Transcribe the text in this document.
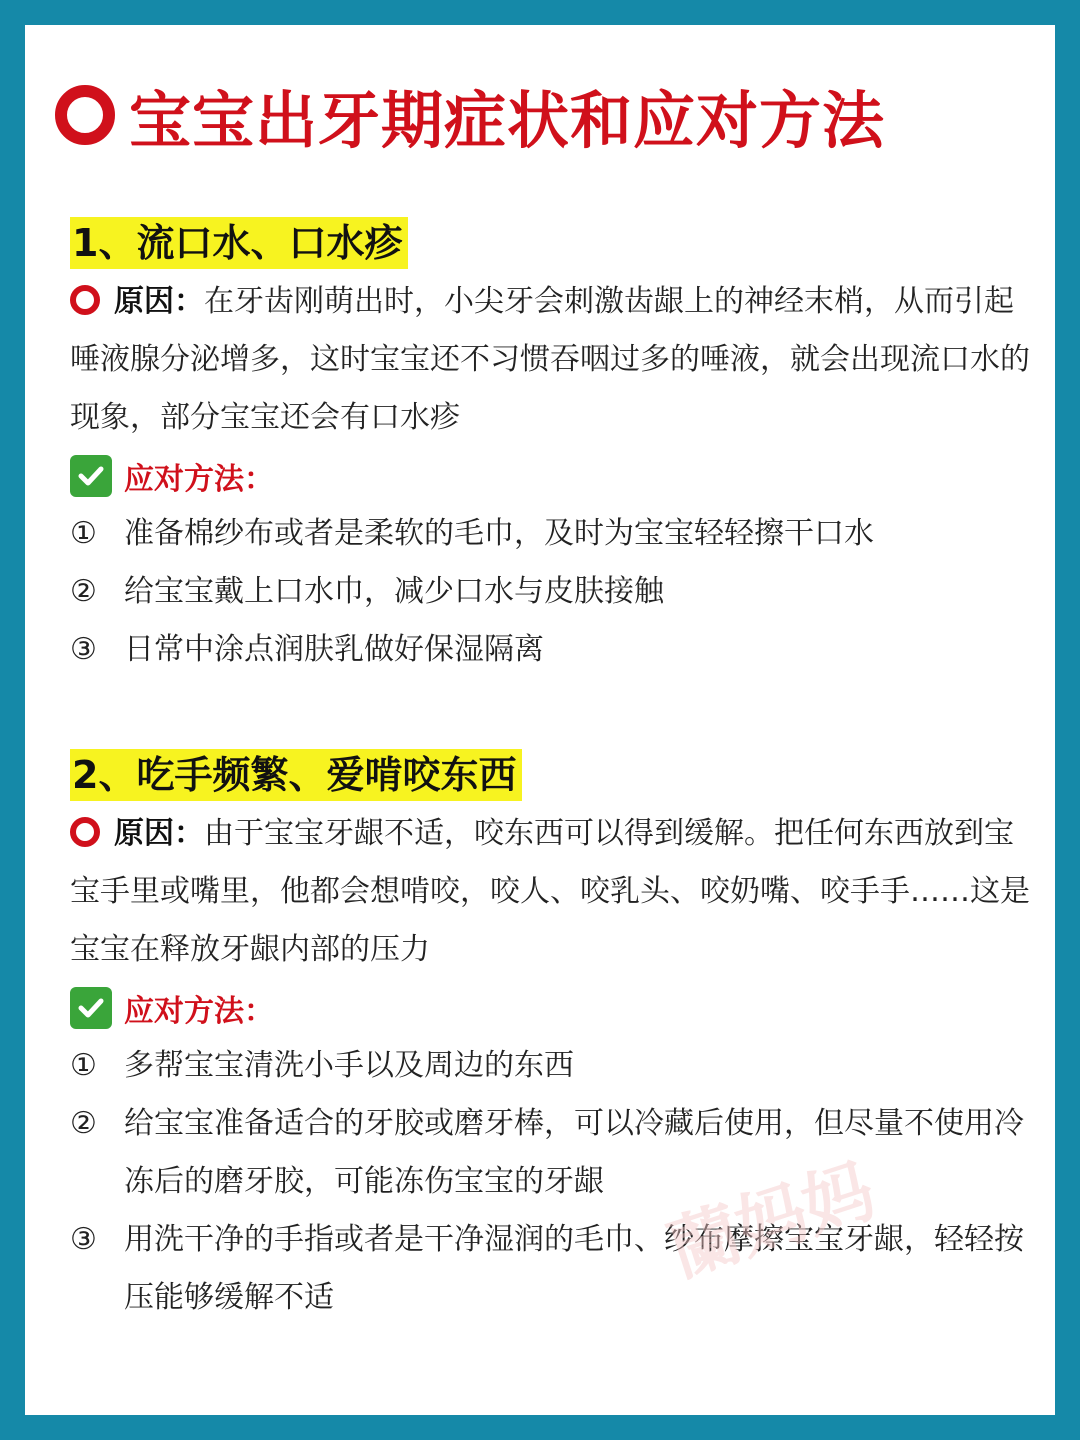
宝宝出牙期症状和应对方法
1、流口水、口水疹
原因：在牙齿刚萌出时，小尖牙会刺激齿龈上的神经末梢，从而引起唾液腺分泌增多，这时宝宝还不习惯吞咽过多的唾液，就会出现流口水的现象，部分宝宝还会有口水疹
应对方法：
① 准备棉纱布或者是柔软的毛巾，及时为宝宝轻轻擦干口水
② 给宝宝戴上口水巾，减少口水与皮肤接触
③ 日常中涂点润肤乳做好保湿隔离
2、吃手频繁、爱啃咬东西
原因：由于宝宝牙龈不适，咬东西可以得到缓解。把任何东西放到宝宝手里或嘴里，他都会想啃咬，咬人、咬乳头、咬奶嘴、咬手手……这是宝宝在释放牙龈内部的压力
应对方法：
① 多帮宝宝清洗小手以及周边的东西
② 给宝宝准备适合的牙胶或磨牙棒，可以冷藏后使用，但尽量不使用冷冻后的磨牙胶，可能冻伤宝宝的牙龈
③ 用洗干净的手指或者是干净湿润的毛巾、纱布摩擦宝宝牙龈，轻轻按压能够缓解不适
蘭妈妈
